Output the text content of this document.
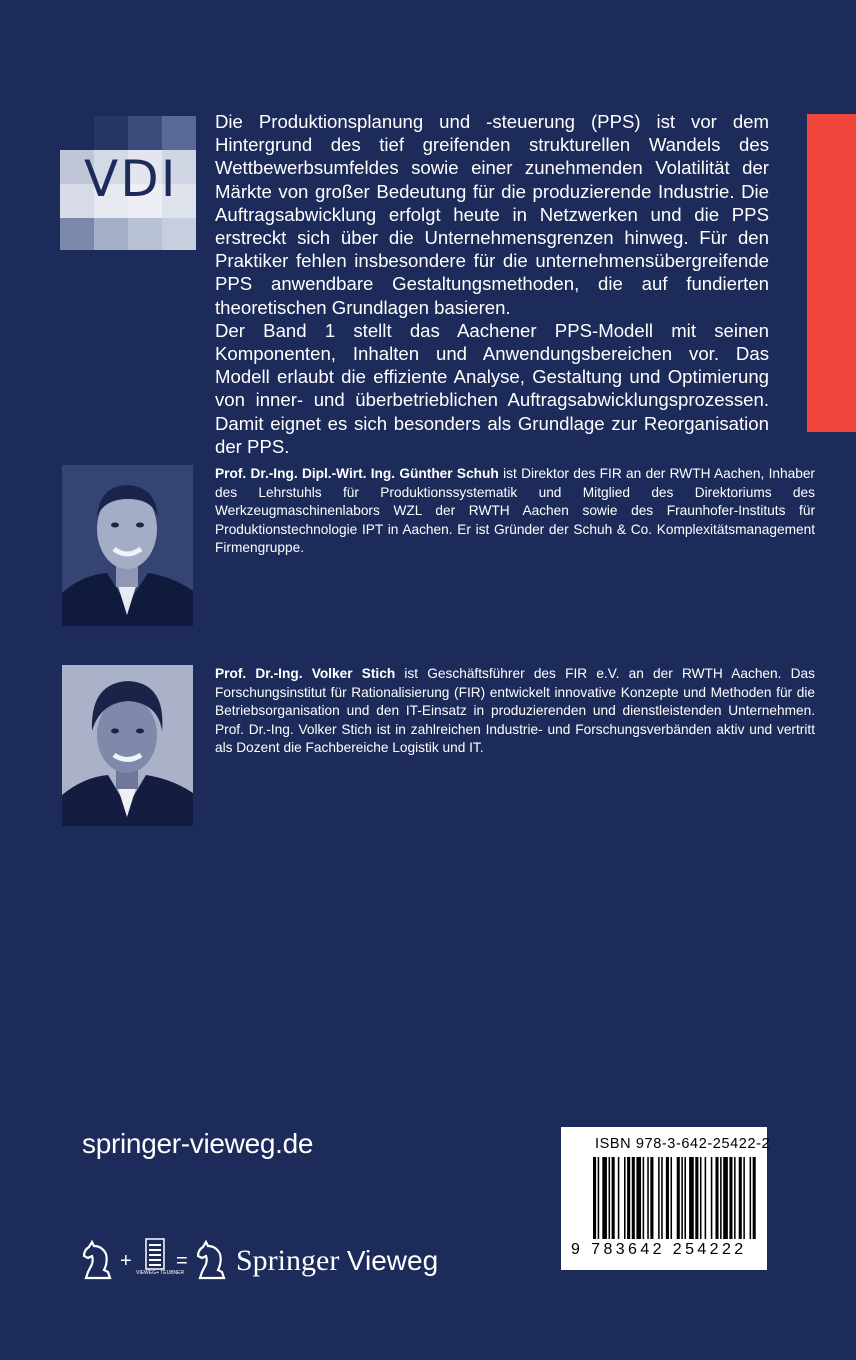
VDI

Die Produktionsplanung und -steuerung (PPS) ist vor dem Hintergrund des tief greifenden strukturellen Wandels des Wettbewerbsumfeldes sowie einer zunehmenden Volatilität der Märkte von großer Bedeutung für die produzierende Industrie. Die Auftragsabwicklung erfolgt heute in Netzwerken und die PPS erstreckt sich über die Unternehmensgrenzen hinweg. Für den Praktiker fehlen insbesondere für die unternehmensübergreifende PPS anwendbare Gestaltungsmethoden, die auf fundierten theoretischen Grundlagen basieren.

Der Band 1 stellt das Aachener PPS-Modell mit seinen Komponenten, Inhalten und Anwendungsbereichen vor. Das Modell erlaubt die effiziente Analyse, Gestaltung und Optimierung von inner- und überbetrieblichen Auftragsabwicklungsprozessen. Damit eignet es sich besonders als Grundlage zur Reorganisation der PPS.

Prof. Dr.-Ing. Dipl.-Wirt. Ing. Günther Schuh ist Direktor des FIR an der RWTH Aachen, Inhaber des Lehrstuhls für Produktionssystematik und Mitglied des Direktoriums des Werkzeugmaschinenlabors WZL der RWTH Aachen sowie des Fraunhofer-Instituts für Produktionstechnologie IPT in Aachen. Er ist Gründer der Schuh & Co. Komplexitätsmanagement Firmengruppe.
Prof. Dr.-Ing. Volker Stich ist Geschäftsführer des FIR e.V. an der RWTH Aachen. Das Forschungsinstitut für Rationalisierung (FIR) entwickelt innovative Konzepte und Methoden für die Betriebsorganisation und den IT-Einsatz in produzierenden und dienstleistenden Unternehmen. Prof. Dr.-Ing. Volker Stich ist in zahlreichen Industrie- und Forschungsverbänden aktiv und vertritt als Dozent die Fachbereiche Logistik und IT.
springer-vieweg.de	ISBN 978-3-642-25422-2
9 783642 254222
+
VIEWEG+ TEUBNER
= Springer Vieweg
